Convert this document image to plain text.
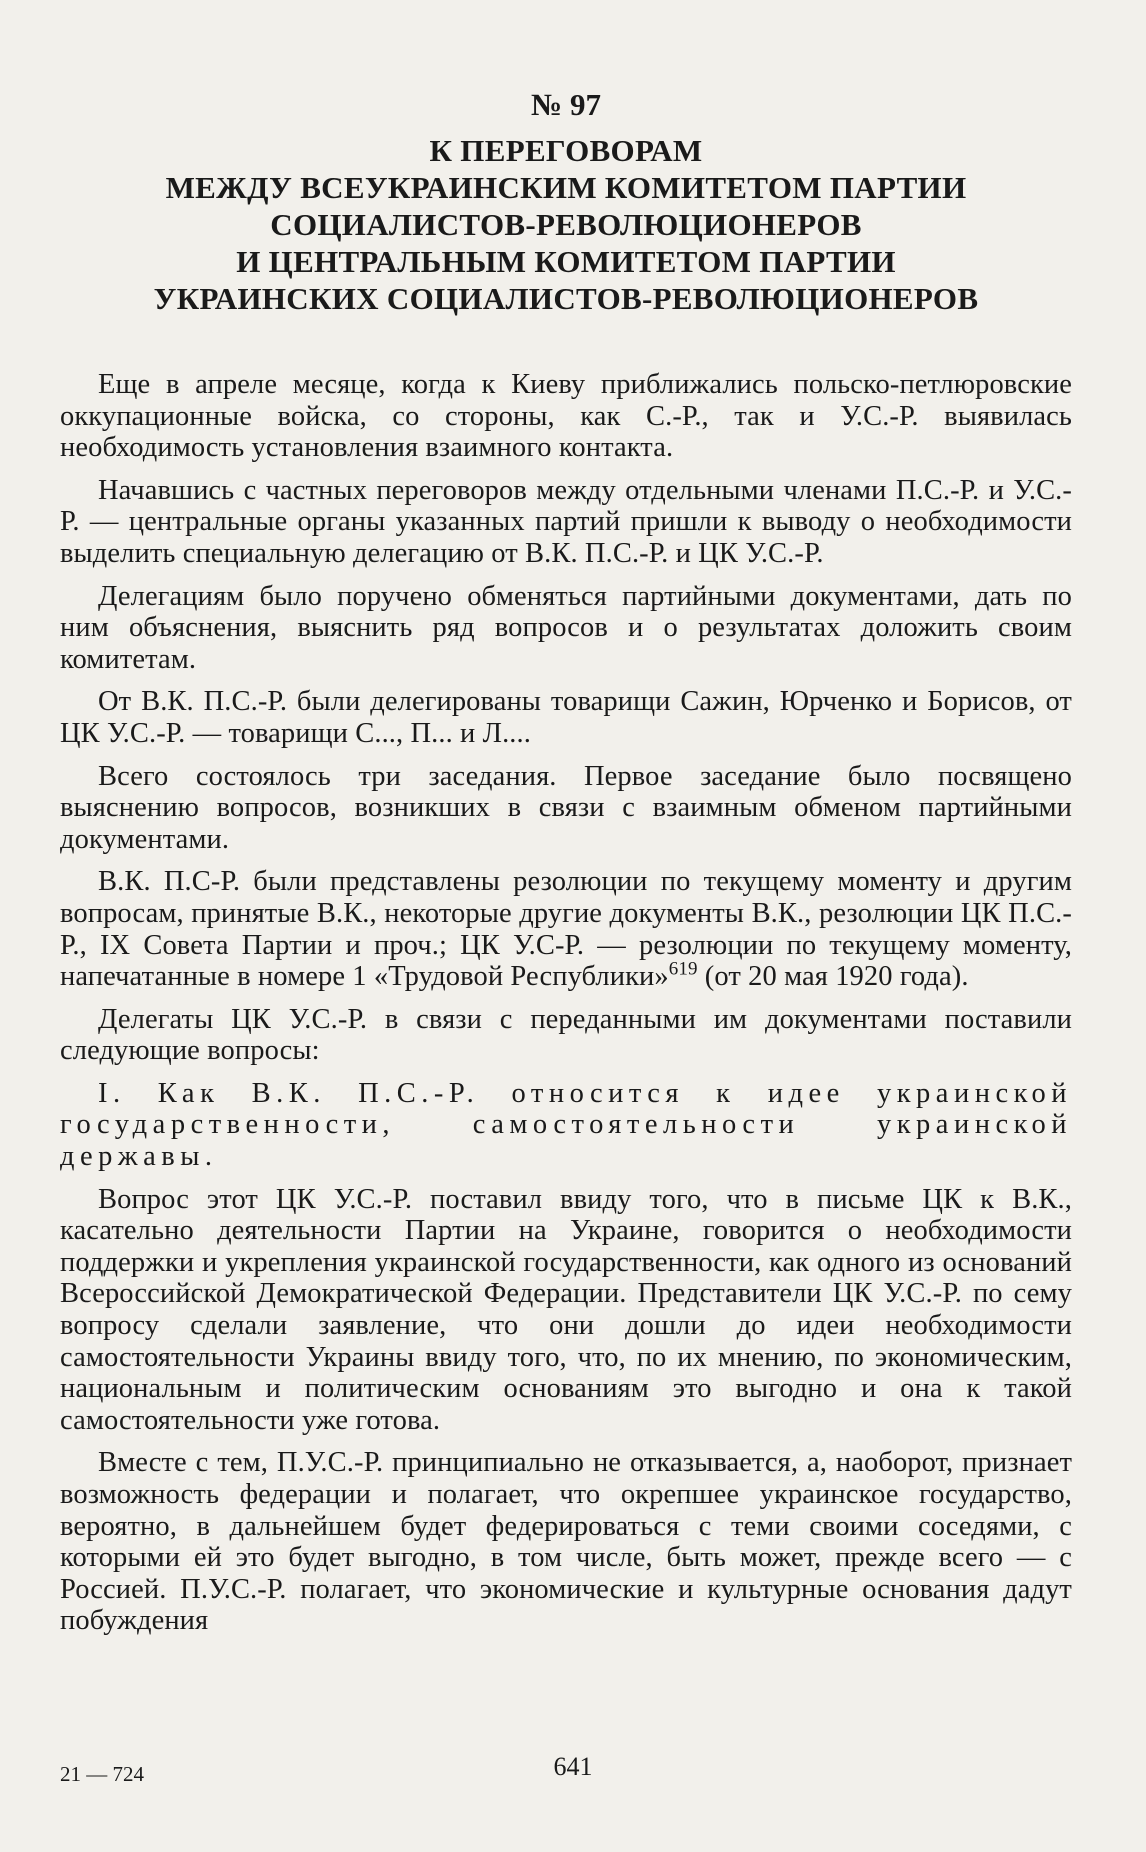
№ 97
К ПЕРЕГОВОРАМ
МЕЖДУ ВСЕУКРАИНСКИМ КОМИТЕТОМ ПАРТИИ
СОЦИАЛИСТОВ-РЕВОЛЮЦИОНЕРОВ
И ЦЕНТРАЛЬНЫМ КОМИТЕТОМ ПАРТИИ
УКРАИНСКИХ СОЦИАЛИСТОВ-РЕВОЛЮЦИОНЕРОВ

Еще в апреле месяце, когда к Киеву приближались польско-петлюровские оккупационные войска, со стороны, как С.-Р., так и У.С.-Р. выявилась необходимость установления взаимного контакта.

Начавшись с частных переговоров между отдельными членами П.С.-Р. и У.С.-Р. — центральные органы указанных партий пришли к выводу о необходимости выделить специальную делегацию от В.К. П.С.-Р. и ЦК У.С.-Р.

Делегациям было поручено обменяться партийными документами, дать по ним объяснения, выяснить ряд вопросов и о результатах доложить своим комитетам.

От В.К. П.С.-Р. были делегированы товарищи Сажин, Юрченко и Борисов, от ЦК У.С.-Р. — товарищи С..., П... и Л....

Всего состоялось три заседания. Первое заседание было посвящено выяснению вопросов, возникших в связи с взаимным обменом партийными документами.

В.К. П.С-Р. были представлены резолюции по текущему моменту и другим вопросам, принятые В.К., некоторые другие документы В.К., резолюции ЦК П.С.-Р., IX Совета Партии и проч.; ЦК У.С-Р. — резолюции по текущему моменту, напечатанные в номере 1 «Трудовой Республики»$^{619}$ (от 20 мая 1920 года).

Делегаты ЦК У.С.-Р. в связи с переданными им документами поставили следующие вопросы:

I. Как В.К. П.С.-Р. относится к идее украинской государственности, самостоятельности украинской державы.

Вопрос этот ЦК У.С.-Р. поставил ввиду того, что в письме ЦК к В.К., касательно деятельности Партии на Украине, говорится о необходимости поддержки и укрепления украинской государственности, как одного из оснований Всероссийской Демократической Федерации. Представители ЦК У.С.-Р. по сему вопросу сделали заявление, что они дошли до идеи необходимости самостоятельности Украины ввиду того, что, по их мнению, по экономическим, национальным и политическим основаниям это выгодно и она к такой самостоятельности уже готова.

Вместе с тем, П.У.С.-Р. принципиально не отказывается, а, наоборот, признает возможность федерации и полагает, что окрепшее украинское государство, вероятно, в дальнейшем будет федерироваться с теми своими соседями, с которыми ей это будет выгодно, в том числе, быть может, прежде всего — с Россией. П.У.С.-Р. полагает, что экономические и культурные основания дадут побуждения

21 — 724	641
